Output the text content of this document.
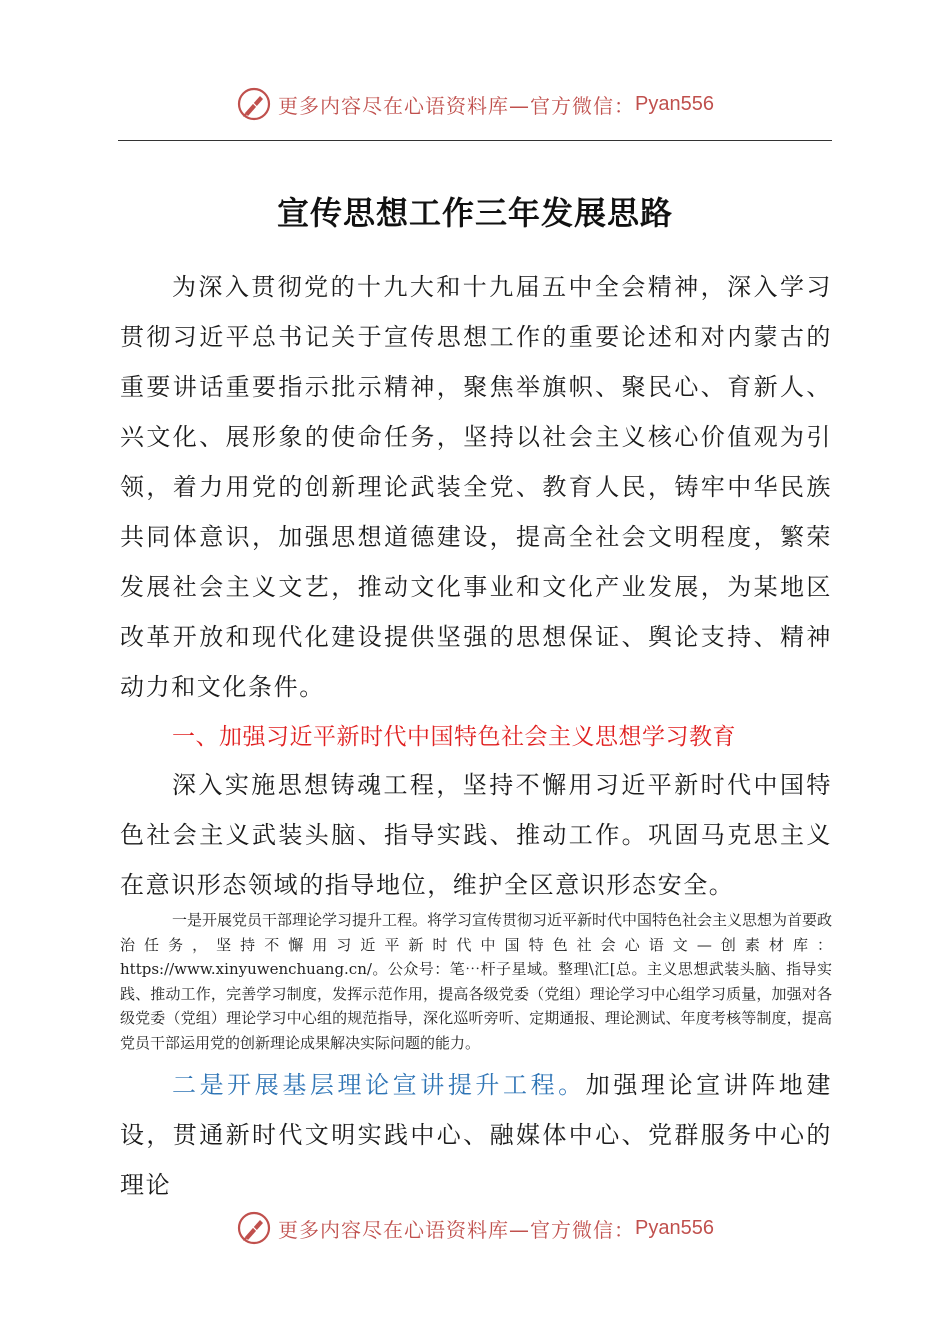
更多内容尽在心语资料库—官方微信： Pyan556
宣传思想工作三年发展思路

为深入贯彻党的十九大和十九届五中全会精神，深入学习贯彻习近平总书记关于宣传思想工作的重要论述和对内蒙古的重要讲话重要指示批示精神，聚焦举旗帜、聚民心、育新人、兴文化、展形象的使命任务，坚持以社会主义核心价值观为引领，着力用党的创新理论武装全党、教育人民，铸牢中华民族共同体意识，加强思想道德建设，提高全社会文明程度，繁荣发展社会主义文艺，推动文化事业和文化产业发展，为某地区改革开放和现代化建设提供坚强的思想保证、舆论支持、精神动力和文化条件。

一、加强习近平新时代中国特色社会主义思想学习教育

深入实施思想铸魂工程，坚持不懈用习近平新时代中国特色社会主义武装头脑、指导实践、推动工作。巩固马克思主义在意识形态领域的指导地位，维护全区意识形态安全。

一是开展党员干部理论学习提升工程。将学习宣传贯彻习近平新时代中国特色社会主义思想为首要政治任务，坚持不懈用习近平新时代中国特色社会心语文—创素材库：https://www.xinyuwenchuang.cn/。公众号：笔⋯杆子星域。整理\汇[总。主义思想武装头脑、指导实践、推动工作，完善学习制度，发挥示范作用，提高各级党委（党组）理论学习中心组学习质量，加强对各级党委（党组）理论学习中心组的规范指导，深化巡听旁听、定期通报、理论测试、年度考核等制度，提高党员干部运用党的创新理论成果解决实际问题的能力。

二是开展基层理论宣讲提升工程。加强理论宣讲阵地建设，贯通新时代文明实践中心、融媒体中心、党群服务中心的理论

更多内容尽在心语资料库—官方微信： Pyan556
